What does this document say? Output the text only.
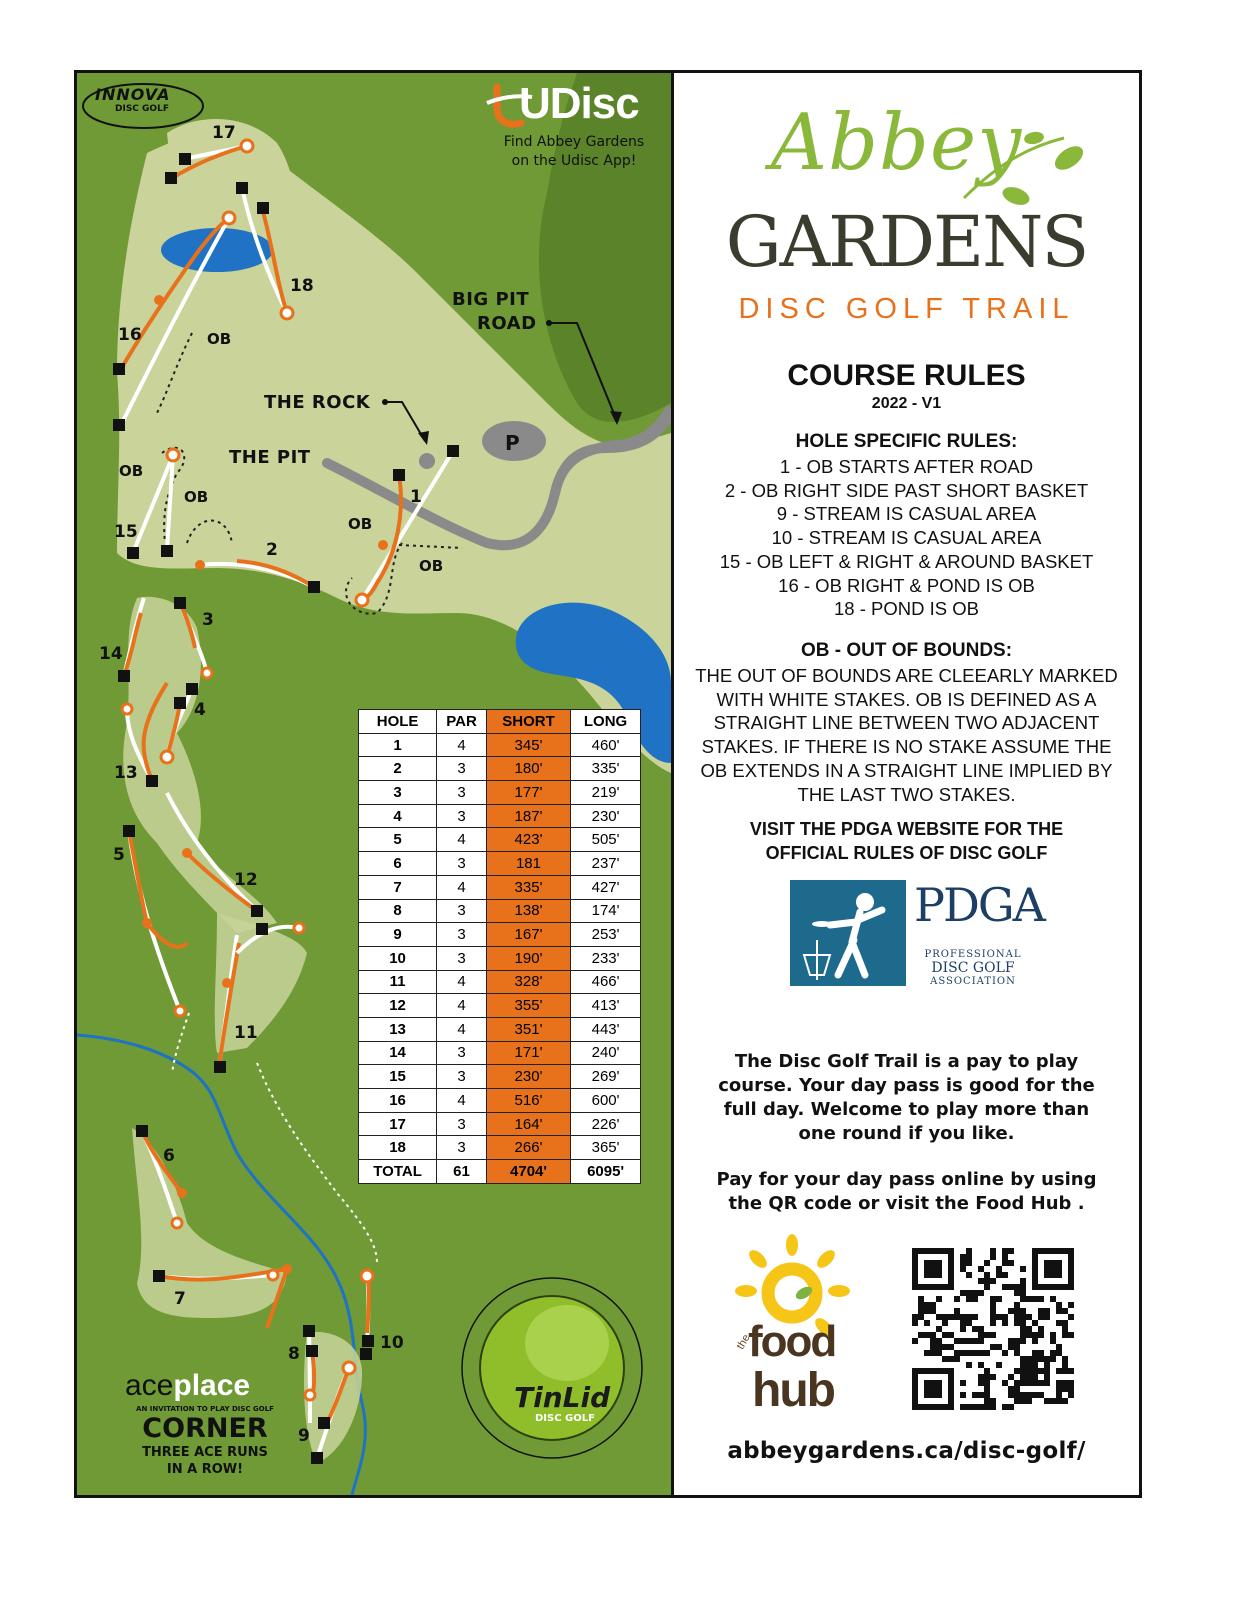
INNOVA
DISC GOLF	UDisc
Find Abbey Gardens
on the Udisc App!
BIG PIT
ROAD
THE ROCK
THE PIT
P
OB
OB
OB
OB
OB
1
2
3
4
5
6
7
8
9
10
11
12
13
14
15
16
17
18
aceplace
AN INVITATION TO PLAY DISC GOLF
CORNER
THREE ACE RUNS
IN A ROW!
TinLid
DISC GOLF
HOLE	PAR	SHORT	LONG
1	4	345'	460'
2	3	180'	335'
3	3	177'	219'
4	3	187'	230'
5	4	423'	505'
6	3	181	237'
7	4	335'	427'
8	3	138'	174'
9	3	167'	253'
10	3	190'	233'
11	4	328'	466'
12	4	355'	413'
13	4	351'	443'
14	3	171'	240'
15	3	230'	269'
16	4	516'	600'
17	3	164'	226'
18	3	266'	365'
TOTAL	61	4704'	6095'
Abbey
GARDENS
DISC GOLF TRAIL
COURSE RULES
2022 - V1
HOLE SPECIFIC RULES:
1 - OB STARTS AFTER ROAD
2 - OB RIGHT SIDE PAST SHORT BASKET
9 - STREAM IS CASUAL AREA
10 - STREAM IS CASUAL AREA
15 - OB LEFT & RIGHT & AROUND BASKET
16 - OB RIGHT & POND IS OB
18 - POND IS OB
OB - OUT OF BOUNDS:
THE OUT OF BOUNDS ARE CLEEARLY MARKED
WITH WHITE STAKES. OB IS DEFINED AS A
STRAIGHT LINE BETWEEN TWO ADJACENT
STAKES. IF THERE IS NO STAKE ASSUME THE
OB EXTENDS IN A STRAIGHT LINE IMPLIED BY
THE LAST TWO STAKES.
VISIT THE PDGA WEBSITE FOR THE
OFFICIAL RULES OF DISC GOLF
PDGA
PROFESSIONAL
DISC GOLF
ASSOCIATION
The Disc Golf Trail is a pay to play
course. Your day pass is good for the
full day. Welcome to play more than
one round if you like.
Pay for your day pass online by using
the QR code or visit the Food Hub .
the
food
hub
abbeygardens.ca/disc-golf/
